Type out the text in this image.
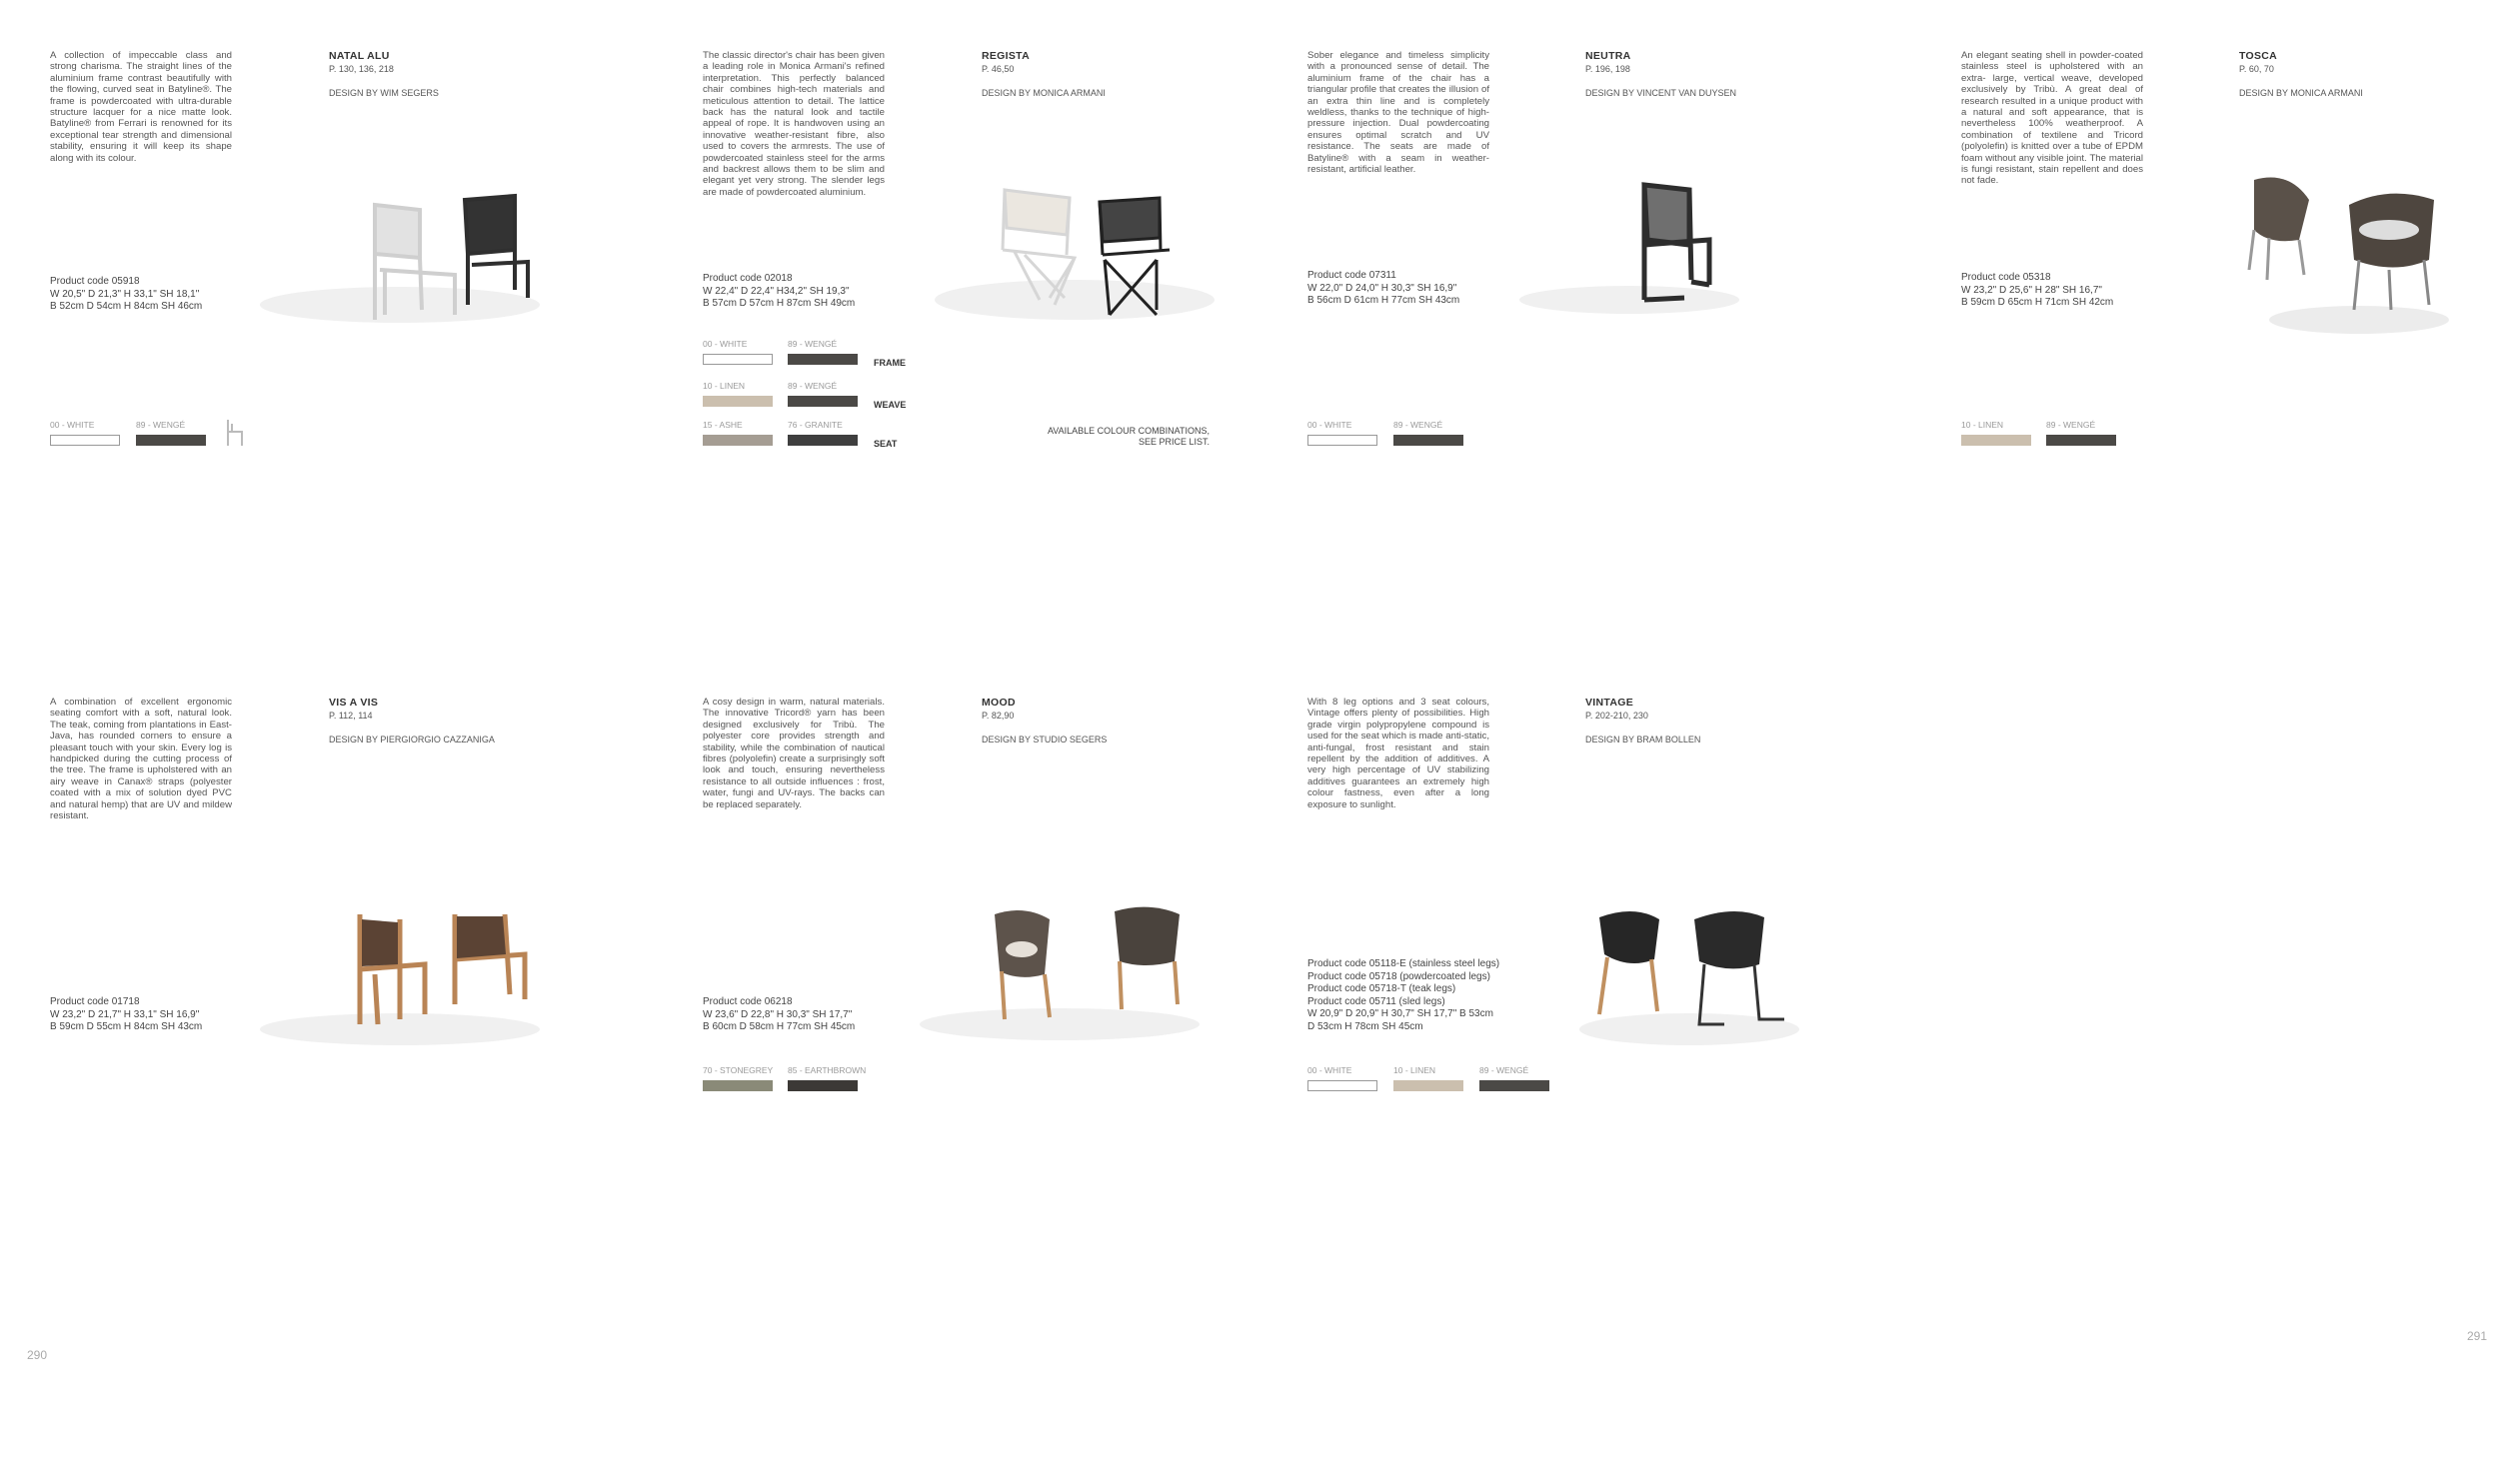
290
291
A collection of impeccable class and strong charisma. The straight lines of the aluminium frame contrast beautifully with the flowing, curved seat in Batyline®. The frame is powdercoated with ultra-durable structure lacquer for a nice matte look. Batyline® from Ferrari is renowned for its exceptional tear strength and dimensional stability, ensuring it will keep its shape along with its colour.
NATAL ALU
P. 130, 136, 218
DESIGN BY WIM SEGERS
Product code 05918
W 20,5" D 21,3" H 33,1" SH 18,1"
B 52cm D 54cm H 84cm SH 46cm
00 - WHITE	89 - WENGÉ
The classic director's chair has been given a leading role in Monica Armani's refined interpretation. This perfectly balanced chair combines high-tech materials and meticulous attention to detail. The lattice back has the natural look and tactile appeal of rope. It is handwoven using an innovative weather-resistant fibre, also used to covers the armrests. The use of powdercoated stainless steel for the arms and backrest allows them to be slim and elegant yet very strong. The slender legs are made of powdercoated aluminium.
REGISTA
P. 46,50
DESIGN BY MONICA ARMANI
Product code 02018
W 22,4" D 22,4" H34,2" SH 19,3"
B 57cm D 57cm H 87cm SH 49cm
00 - WHITE	89 - WENGÉ
FRAME
10 - LINEN	89 - WENGÉ
WEAVE
15 - ASHE	76 - GRANITE
SEAT
AVAILABLE COLOUR COMBINATIONS,
SEE PRICE LIST.
Sober elegance and timeless simplicity with a pronounced sense of detail. The aluminium frame of the chair has a triangular profile that creates the illusion of an extra thin line and is completely weldless, thanks to the technique of high-pressure injection. Dual powdercoating ensures optimal scratch and UV resistance. The seats are made of Batyline® with a seam in weather- resistant, artificial leather.
NEUTRA
P. 196, 198
DESIGN BY VINCENT VAN DUYSEN
Product code 07311
W 22,0" D 24,0" H 30,3" SH 16,9"
B 56cm D 61cm H 77cm SH 43cm
00 - WHITE	89 - WENGÉ
An elegant seating shell in powder-coated stainless steel is upholstered with an extra- large, vertical weave, developed exclusively by Tribù. A great deal of research resulted in a unique product with a natural and soft appearance, that is nevertheless 100% weatherproof. A combination of textilene and Tricord (polyolefin) is knitted over a tube of EPDM foam without any visible joint. The material is fungi resistant, stain repellent and does not fade.
TOSCA
P. 60, 70
DESIGN BY MONICA ARMANI
Product code 05318
W 23,2" D 25,6" H 28" SH 16,7"
B 59cm D 65cm H 71cm SH 42cm
10 - LINEN	89 - WENGÉ
A combination of excellent ergonomic seating comfort with a soft, natural look. The teak, coming from plantations in East-Java, has rounded corners to ensure a pleasant touch with your skin. Every log is handpicked during the cutting process of the tree. The frame is upholstered with an airy weave in Canax® straps (polyester coated with a mix of solution dyed PVC and natural hemp) that are UV and mildew resistant.
VIS A VIS
P. 112, 114
DESIGN BY PIERGIORGIO CAZZANIGA
Product code 01718
W 23,2" D 21,7" H 33,1" SH 16,9"
B 59cm D 55cm H 84cm SH 43cm
A cosy design in warm, natural materials. The innovative Tricord® yarn has been designed exclusively for Tribù. The polyester core provides strength and stability, while the combination of nautical fibres (polyolefin) create a surprisingly soft look and touch, ensuring nevertheless resistance to all outside influences : frost, water, fungi and UV-rays. The backs can be replaced separately.
MOOD
P. 82,90
DESIGN BY STUDIO SEGERS
Product code 06218
W 23,6" D 22,8" H 30,3" SH 17,7"
B 60cm D 58cm H 77cm SH 45cm
70 - STONEGREY 85 - EARTHBROWN
With 8 leg options and 3 seat colours, Vintage offers plenty of possibilities. High grade virgin polypropylene compound is used for the seat which is made anti-static, anti-fungal, frost resistant and stain repellent by the addition of additives. A very high percentage of UV stabilizing additives guarantees an extremely high colour fastness, even after a long exposure to sunlight.
VINTAGE
P. 202-210, 230
DESIGN BY BRAM BOLLEN
Product code 05118-E (stainless steel legs)
Product code 05718 (powdercoated legs)
Product code 05718-T (teak legs)
Product code 05711 (sled legs)
W 20,9" D 20,9" H 30,7" SH 17,7" B 53cm
D 53cm H 78cm SH 45cm
00 - WHITE	10 - LINEN	89 - WENGÉ
